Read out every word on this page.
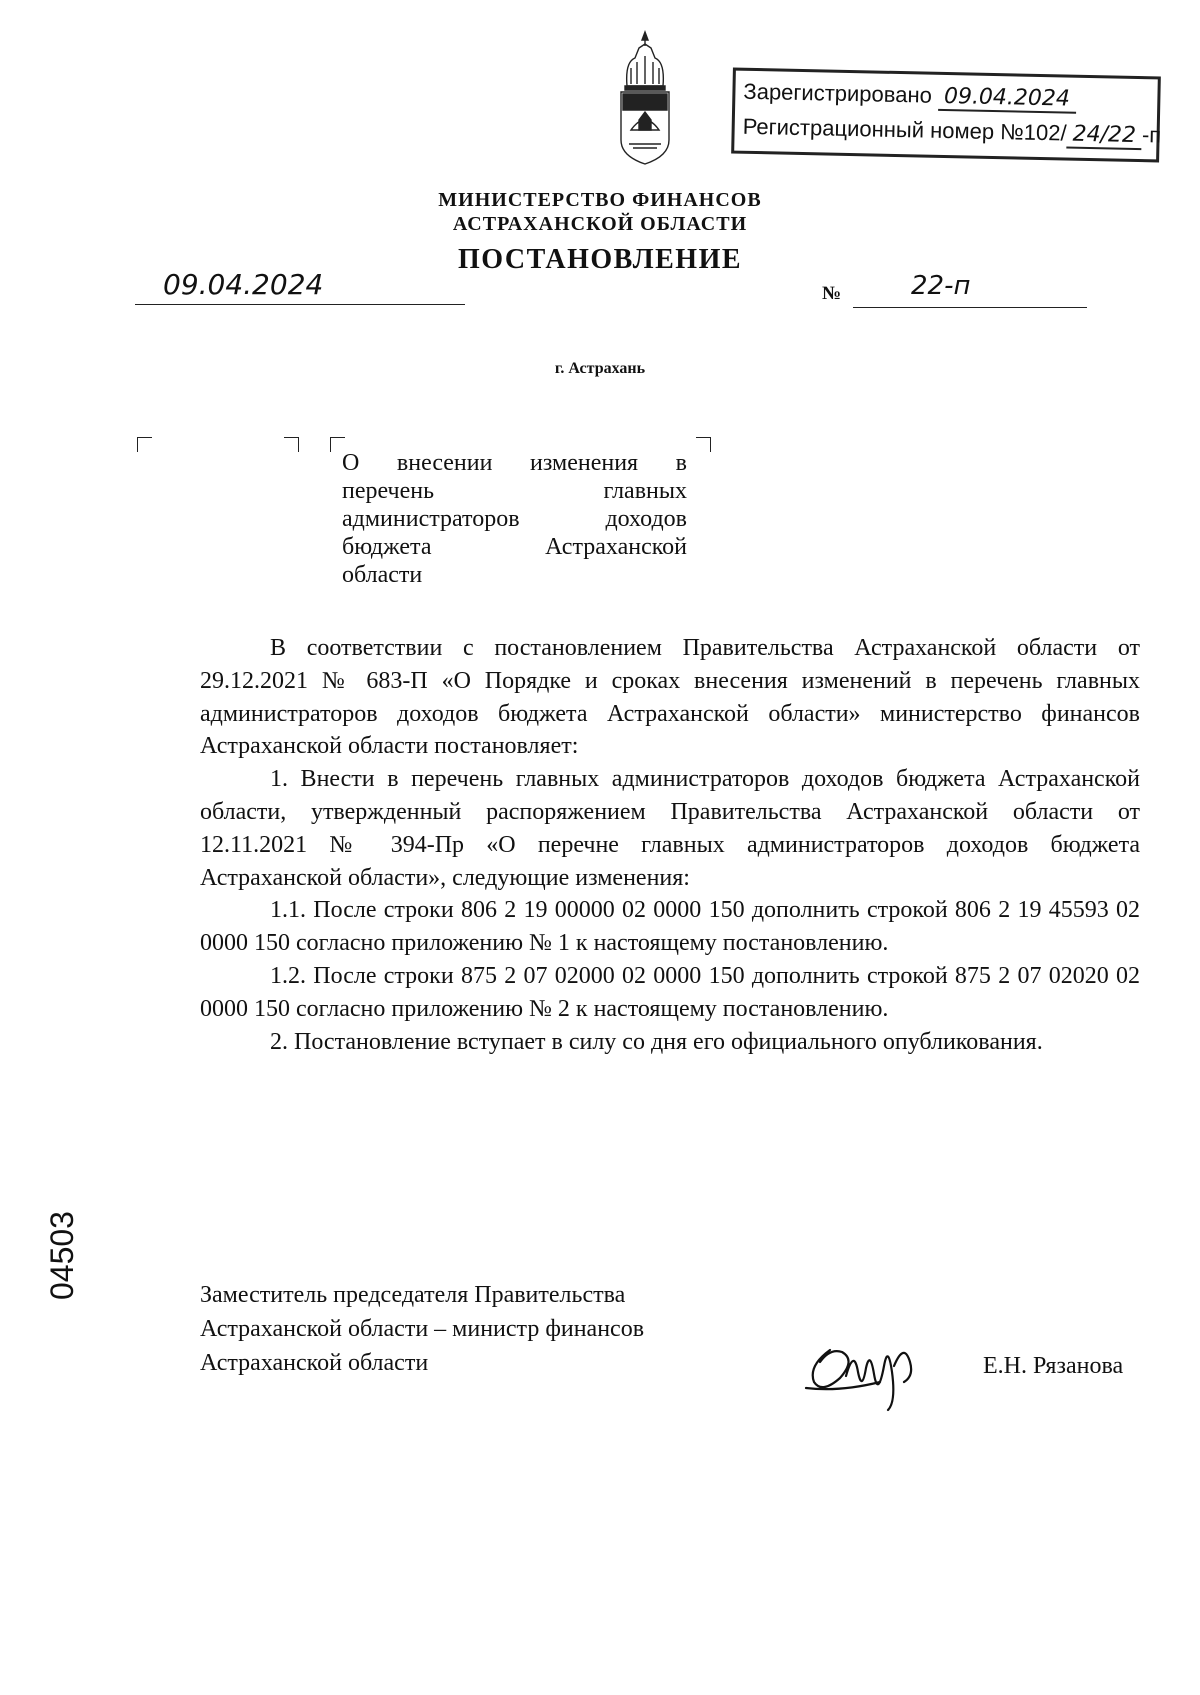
Зарегистрировано 09.04.2024
Регистрационный номер №102/ 24/22 -п
МИНИСТЕРСТВО ФИНАНСОВ
АСТРАХАНСКОЙ ОБЛАСТИ
ПОСТАНОВЛЕНИЕ
09.04.2024	№	22-п
г. Астрахань
О внесении изменения в
перечень главных
администраторов доходов
бюджета Астраханской
области

В соответствии с постановлением Правительства Астраханской области от 29.12.2021 № 683-П «О Порядке и сроках внесения изменений в перечень главных администраторов доходов бюджета Астраханской области» министерство финансов Астраханской области постановляет:

1. Внести в перечень главных администраторов доходов бюджета Астраханской области, утвержденный распоряжением Правительства Астраханской области от 12.11.2021 № 394-Пр «О перечне главных администраторов доходов бюджета Астраханской области», следующие изменения:

1.1. После строки 806 2 19 00000 02 0000 150 дополнить строкой 806 2 19 45593 02 0000 150 согласно приложению № 1 к настоящему постановлению.

1.2. После строки 875 2 07 02000 02 0000 150 дополнить строкой 875 2 07 02020 02 0000 150 согласно приложению № 2 к настоящему постановлению.

2. Постановление вступает в силу со дня его официального опубликования.

Заместитель председателя Правительства
Астраханской области – министр финансов
Астраханской области	Е.Н. Рязанова
04503
